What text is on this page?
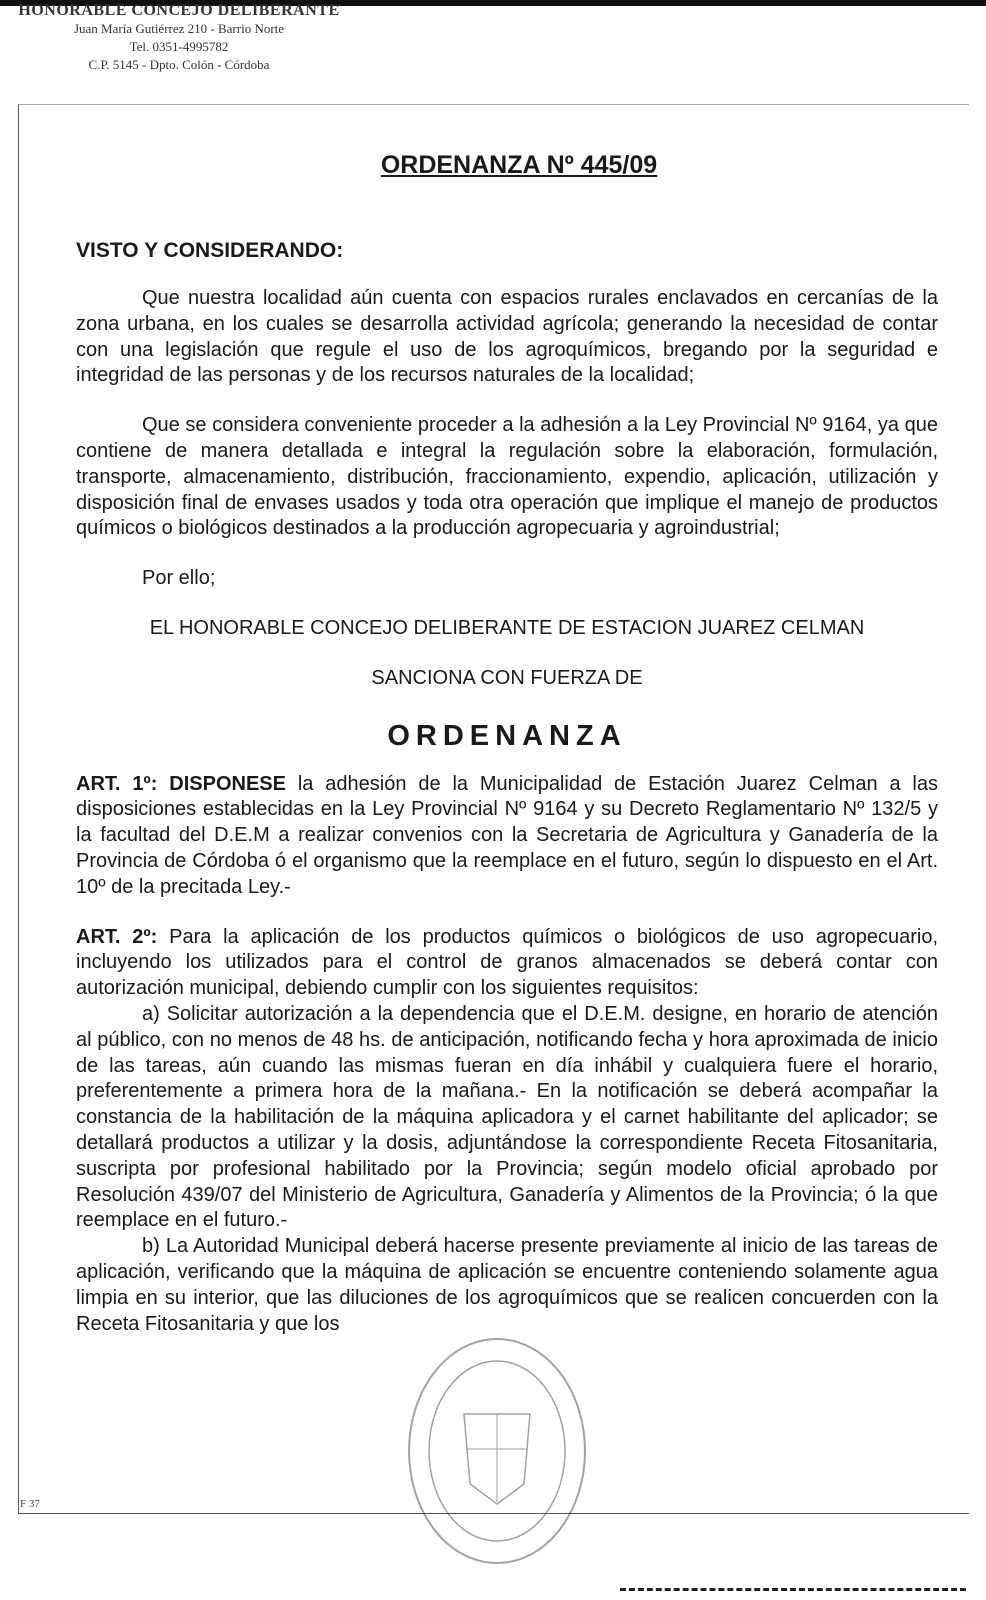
HONORABLE CONCEJO DELIBERANTE
Juan María Gutiérrez 210 - Barrio Norte
Tel. 0351-4995782
C.P. 5145 - Dpto. Colón - Córdoba
ORDENANZA Nº 445/09
VISTO Y CONSIDERANDO:

Que nuestra localidad aún cuenta con espacios rurales enclavados en cercanías de la zona urbana, en los cuales se desarrolla actividad agrícola; generando la necesidad de contar con una legislación que regule el uso de los agroquímicos, bregando por la seguridad e integridad de las personas y de los recursos naturales de la localidad;

Que se considera conveniente proceder a la adhesión a la Ley Provincial Nº 9164, ya que contiene de manera detallada e integral la regulación sobre la elaboración, formulación, transporte, almacenamiento, distribución, fraccionamiento, expendio, aplicación, utilización y disposición final de envases usados y toda otra operación que implique el manejo de productos químicos o biológicos destinados a la producción agropecuaria y agroindustrial;

Por ello;
EL HONORABLE CONCEJO DELIBERANTE DE ESTACION JUAREZ CELMAN
SANCIONA CON FUERZA DE
ORDENANZA

ART. 1º: DISPONESE la adhesión de la Municipalidad de Estación Juarez Celman a las disposiciones establecidas en la Ley Provincial Nº 9164 y su Decreto Reglamentario Nº 132/5 y la facultad del D.E.M a realizar convenios con la Secretaria de Agricultura y Ganadería de la Provincia de Córdoba ó el organismo que la reemplace en el futuro, según lo dispuesto en el Art. 10º de la precitada Ley.-

ART. 2º: Para la aplicación de los productos químicos o biológicos de uso agropecuario, incluyendo los utilizados para el control de granos almacenados se deberá contar con autorización municipal, debiendo cumplir con los siguientes requisitos:

a) Solicitar autorización a la dependencia que el D.E.M. designe, en horario de atención al público, con no menos de 48 hs. de anticipación, notificando fecha y hora aproximada de inicio de las tareas, aún cuando las mismas fueran en día inhábil y cualquiera fuere el horario, preferentemente a primera hora de la mañana.- En la notificación se deberá acompañar la constancia de la habilitación de la máquina aplicadora y el carnet habilitante del aplicador; se detallará productos a utilizar y la dosis, adjuntándose la correspondiente Receta Fitosanitaria, suscripta por profesional habilitado por la Provincia; según modelo oficial aprobado por Resolución 439/07 del Ministerio de Agricultura, Ganadería y Alimentos de la Provincia; ó la que reemplace en el futuro.-

b) La Autoridad Municipal deberá hacerse presente previamente al inicio de las tareas de aplicación, verificando que la máquina de aplicación se encuentre conteniendo solamente agua limpia en su interior, que las diluciones de los agroquímicos que se realicen concuerden con la Receta Fitosanitaria y que los

F 37
